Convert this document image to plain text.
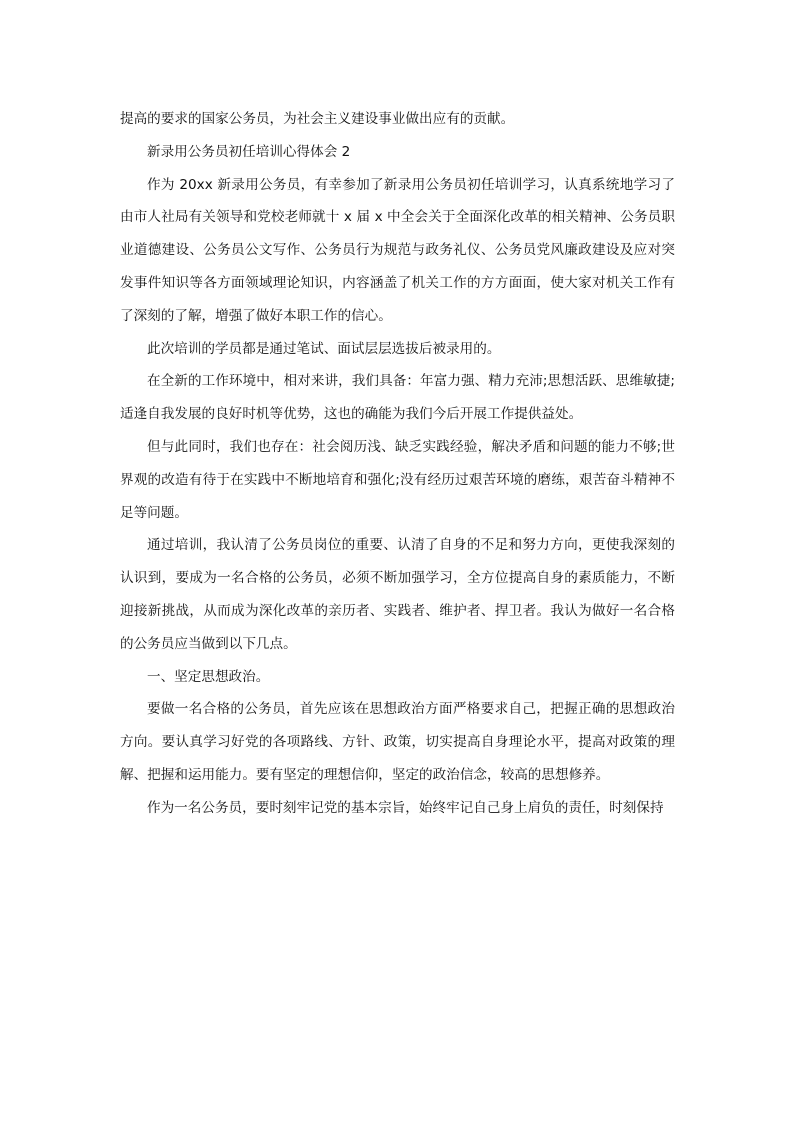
提高的要求的国家公务员，为社会主义建设事业做出应有的贡献。

新录用公务员初任培训心得体会 2

作为 20xx 新录用公务员，有幸参加了新录用公务员初任培训学习，认真系统地学习了由市人社局有关领导和党校老师就十 x 届 x 中全会关于全面深化改革的相关精神、公务员职业道德建设、公务员公文写作、公务员行为规范与政务礼仪、公务员党风廉政建设及应对突发事件知识等各方面领域理论知识，内容涵盖了机关工作的方方面面，使大家对机关工作有了深刻的了解，增强了做好本职工作的信心。

此次培训的学员都是通过笔试、面试层层选拔后被录用的。

在全新的工作环境中，相对来讲，我们具备：年富力强、精力充沛;思想活跃、思维敏捷;适逢自我发展的良好时机等优势，这也的确能为我们今后开展工作提供益处。

但与此同时，我们也存在：社会阅历浅、缺乏实践经验，解决矛盾和问题的能力不够;世界观的改造有待于在实践中不断地培育和强化;没有经历过艰苦环境的磨练，艰苦奋斗精神不足等问题。

通过培训，我认清了公务员岗位的重要、认清了自身的不足和努力方向，更使我深刻的认识到，要成为一名合格的公务员，必须不断加强学习，全方位提高自身的素质能力，不断迎接新挑战，从而成为深化改革的亲历者、实践者、维护者、捍卫者。我认为做好一名合格的公务员应当做到以下几点。

一、坚定思想政治。

要做一名合格的公务员，首先应该在思想政治方面严格要求自己，把握正确的思想政治方向。要认真学习好党的各项路线、方针、政策，切实提高自身理论水平，提高对政策的理解、把握和运用能力。要有坚定的理想信仰，坚定的政治信念，较高的思想修养。

作为一名公务员，要时刻牢记党的基本宗旨，始终牢记自己身上肩负的责任，时刻保持
